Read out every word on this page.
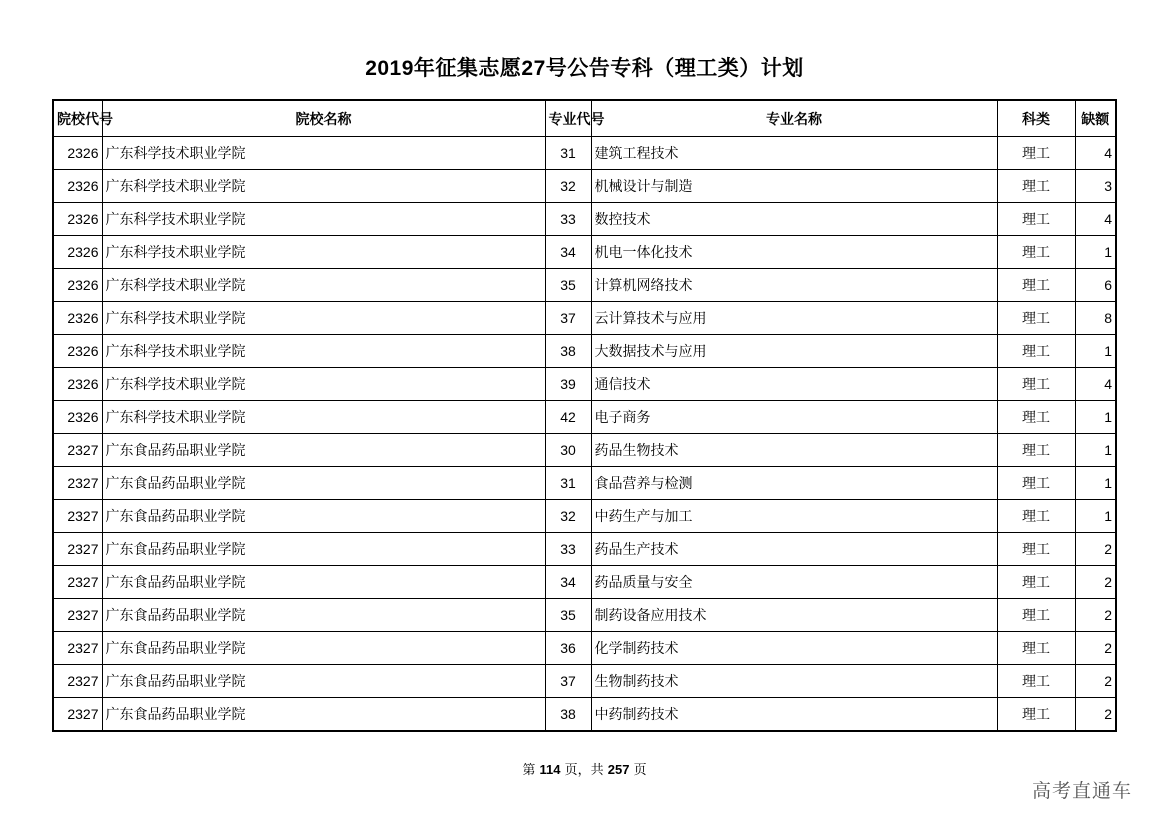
2019年征集志愿27号公告专科（理工类）计划
院校代号	院校名称	专业代号	专业名称	科类	缺额
2326	广东科学技术职业学院	31	建筑工程技术	理工	4
2326	广东科学技术职业学院	32	机械设计与制造	理工	3
2326	广东科学技术职业学院	33	数控技术	理工	4
2326	广东科学技术职业学院	34	机电一体化技术	理工	1
2326	广东科学技术职业学院	35	计算机网络技术	理工	6
2326	广东科学技术职业学院	37	云计算技术与应用	理工	8
2326	广东科学技术职业学院	38	大数据技术与应用	理工	1
2326	广东科学技术职业学院	39	通信技术	理工	4
2326	广东科学技术职业学院	42	电子商务	理工	1
2327	广东食品药品职业学院	30	药品生物技术	理工	1
2327	广东食品药品职业学院	31	食品营养与检测	理工	1
2327	广东食品药品职业学院	32	中药生产与加工	理工	1
2327	广东食品药品职业学院	33	药品生产技术	理工	2
2327	广东食品药品职业学院	34	药品质量与安全	理工	2
2327	广东食品药品职业学院	35	制药设备应用技术	理工	2
2327	广东食品药品职业学院	36	化学制药技术	理工	2
2327	广东食品药品职业学院	37	生物制药技术	理工	2
2327	广东食品药品职业学院	38	中药制药技术	理工	2
第 114 页，共 257 页
高考直通车
